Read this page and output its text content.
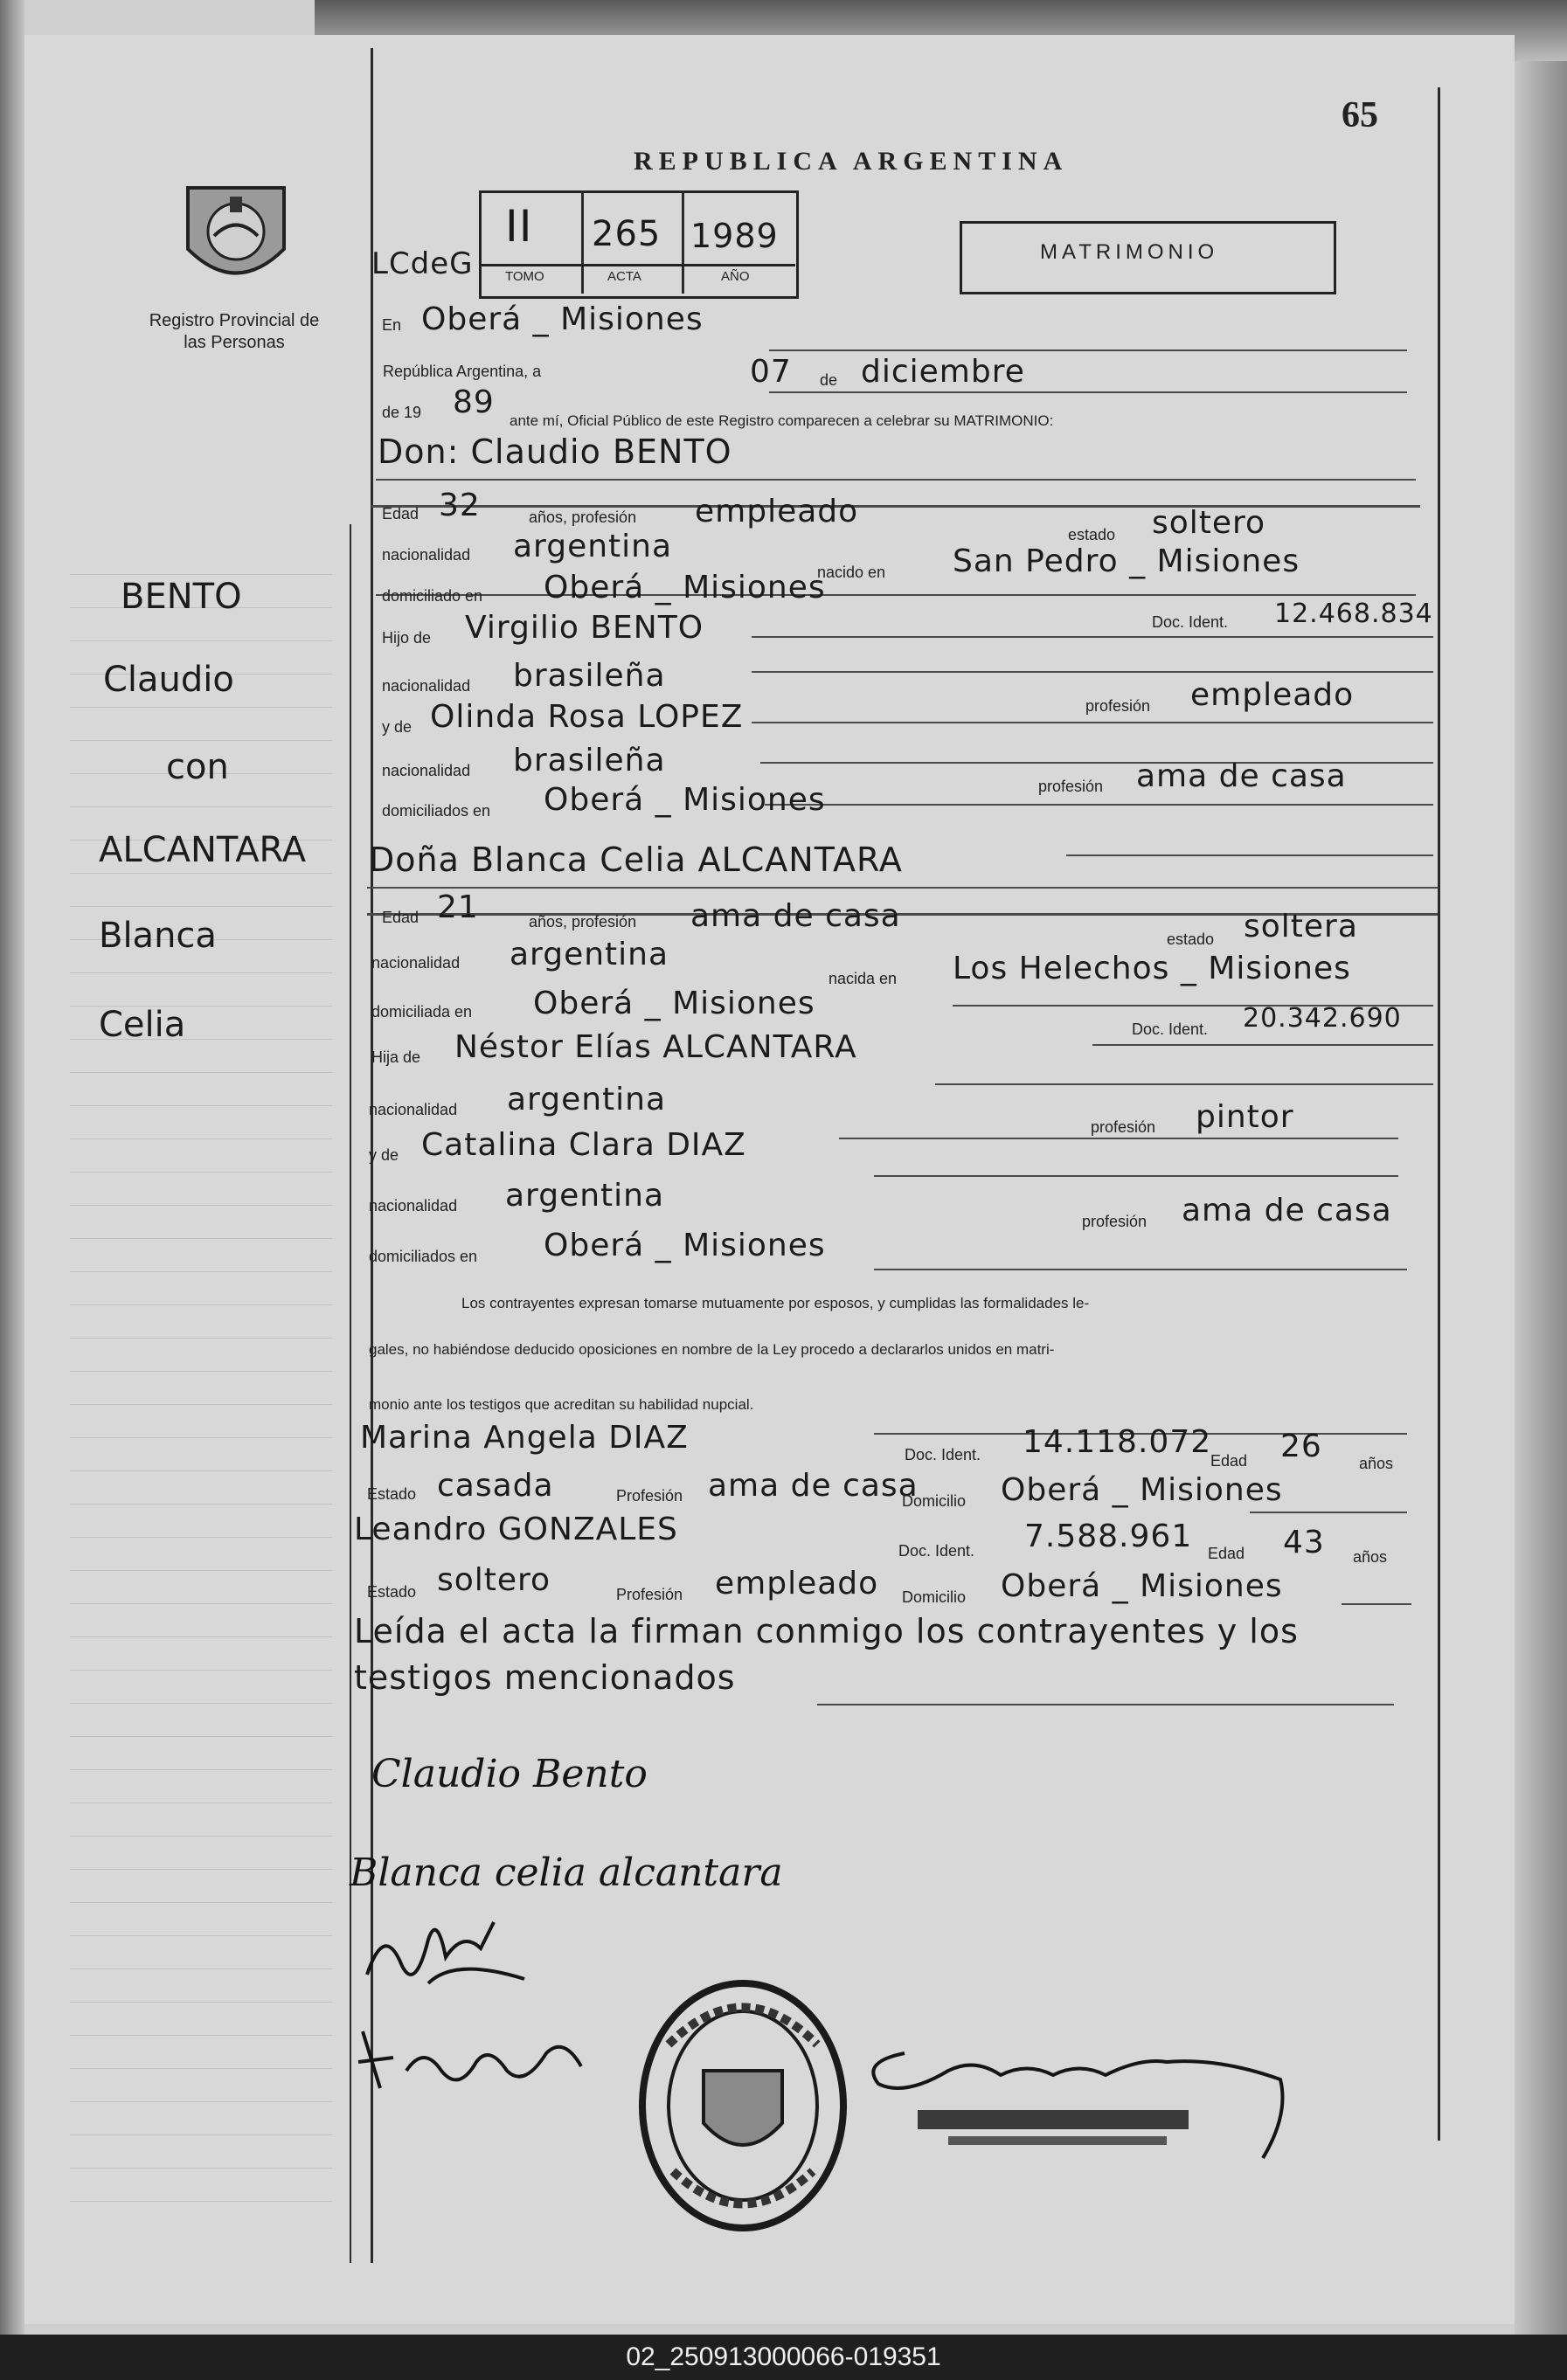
65
REPUBLICA ARGENTINA
Registro Provincial de las Personas
LCdeG
II 265 1989
TOMO	ACTA	AÑO
MATRIMONIO
BENTO
Claudio
con
ALCANTARA
Blanca
Celia
En Oberá _ Misiones
República Argentina, a	07 de diciembre
de 19 89
ante mí, Oficial Público de este Registro comparecen a celebrar su MATRIMONIO:
Don: Claudio BENTO
Edad 32	años, profesión empleado
estado soltero
nacionalidad argentina
nacido en San Pedro _ Misiones
domiciliado en Oberá _ Misiones
Doc. Ident. 12.468.834
Hijo de Virgilio BENTO
nacionalidad brasileña
profesión empleado
y de Olinda Rosa LOPEZ
nacionalidad brasileña
profesión ama de casa
domiciliados en Oberá _ Misiones
Doña Blanca Celia ALCANTARA
Edad 21	años, profesión ama de casa
estado soltera
nacionalidad argentina
nacida en Los Helechos _ Misiones
domiciliada en Oberá _ Misiones
Doc. Ident. 20.342.690
Hija de Néstor Elías ALCANTARA
nacionalidad argentina
profesión pintor
y de Catalina Clara DIAZ
nacionalidad argentina
profesión ama de casa
domiciliados en Oberá _ Misiones
Los contrayentes expresan tomarse mutuamente por esposos, y cumplidas las formalidades le-
gales, no habiéndose deducido oposiciones en nombre de la Ley procedo a declararlos unidos en matri-
monio ante los testigos que acreditan su habilidad nupcial.
Marina Angela DIAZ	Doc. Ident. 14.118.072
Edad 26 años
Estado casada	Profesión ama de casa
Domicilio Oberá _ Misiones
Leandro GONZALES
Doc. Ident. 7.588.961 Edad 43 años
Estado soltero	Profesión empleado Domicilio Oberá _ Misiones
Leída el acta la firman conmigo los contrayentes y los
testigos mencionados
Claudio Bento
Blanca celia alcantara
02_250913000066-019351
